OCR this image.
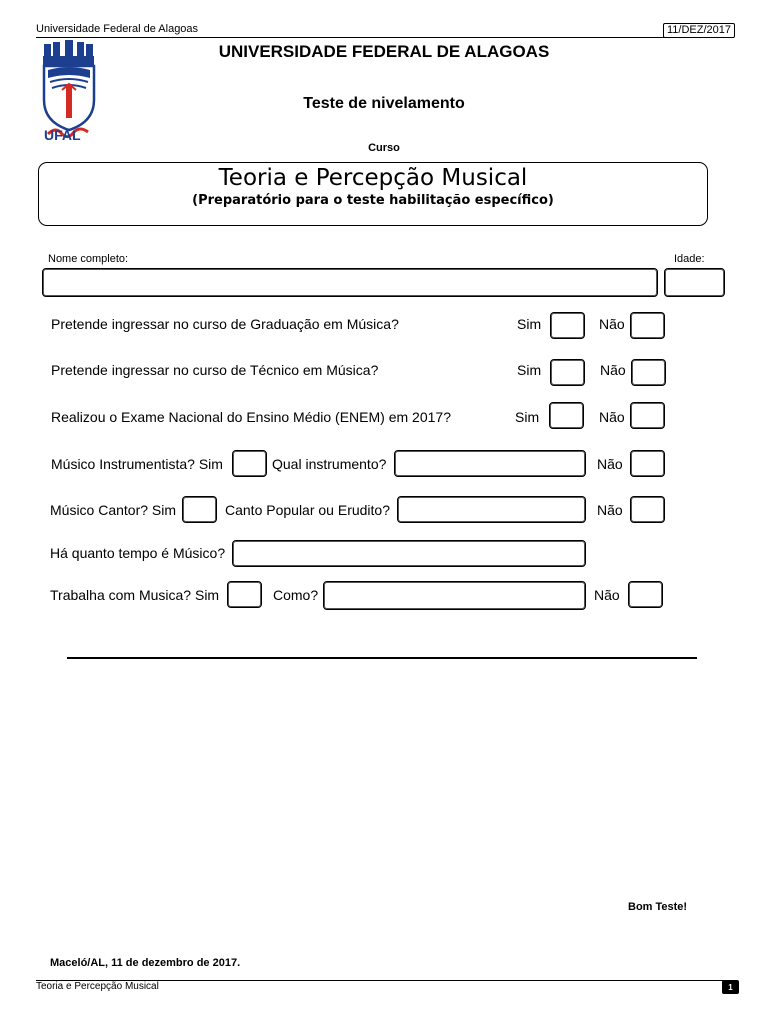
Universidade Federal de Alagoas	11/DEZ/2017
UFAL
UNIVERSIDADE FEDERAL DE ALAGOAS
Teste de nivelamento
Curso
Teoria e Percepção Musical
(Preparatório para o teste habilitação específico)
Nome completo:	Idade:
Pretende ingressar no curso de Graduação em Música?	Sim	Não
Pretende ingressar no curso de Técnico em Música?	Sim	Não
Realizou o Exame Nacional do Ensino Médio (ENEM) em 2017?	Sim	Não
Músico Instrumentista? Sim	Qual instrumento?	Não
Músico Cantor? Sim	Canto Popular ou Erudito?	Não
Há quanto tempo é Músico?
Trabalha com Musica? Sim	Como?	Não
Bom Teste!
Maceló/AL, 11 de dezembro de 2017.
Teoria e Percepção Musical	1
